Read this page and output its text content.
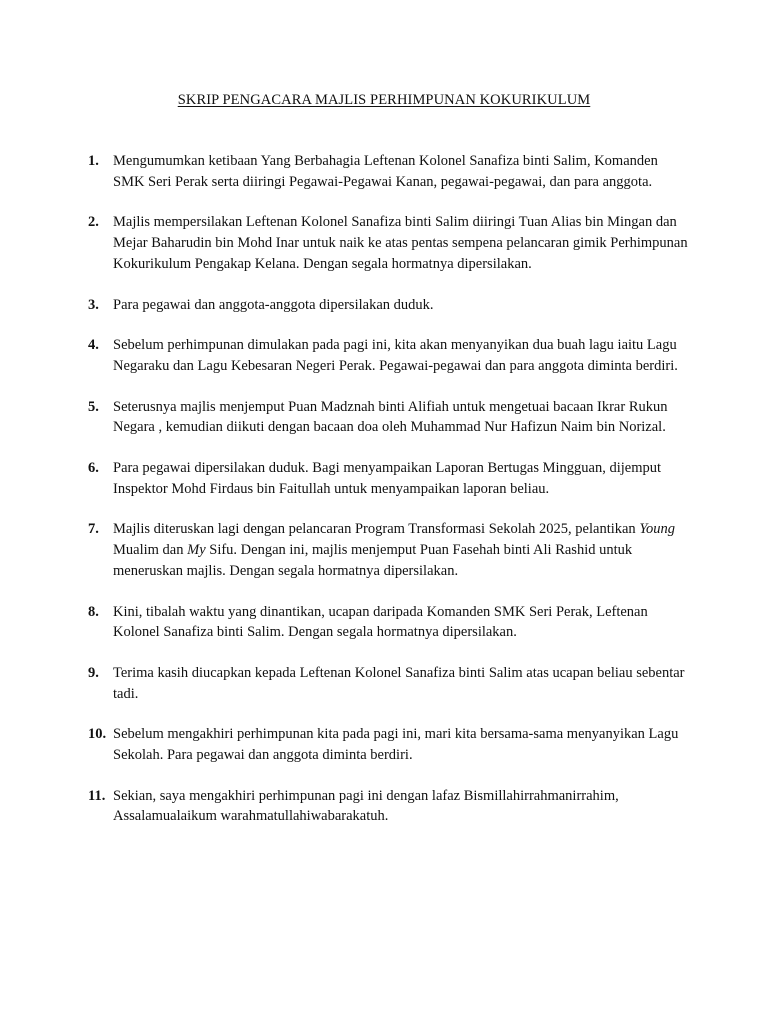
SKRIP PENGACARA MAJLIS PERHIMPUNAN KOKURIKULUM
1. Mengumumkan ketibaan Yang Berbahagia Leftenan Kolonel Sanafiza binti Salim, Komanden SMK Seri Perak serta diiringi Pegawai-Pegawai Kanan, pegawai-pegawai, dan para anggota.
2. Majlis mempersilakan Leftenan Kolonel Sanafiza binti Salim diiringi Tuan Alias bin Mingan dan Mejar Baharudin bin Mohd Inar untuk naik ke atas pentas sempena pelancaran gimik Perhimpunan Kokurikulum Pengakap Kelana. Dengan segala hormatnya dipersilakan.
3. Para pegawai dan anggota-anggota dipersilakan duduk.
4. Sebelum perhimpunan dimulakan pada pagi ini, kita akan menyanyikan dua buah lagu iaitu Lagu Negaraku dan Lagu Kebesaran Negeri Perak. Pegawai-pegawai dan para anggota diminta berdiri.
5. Seterusnya majlis menjemput Puan Madznah binti Alifiah untuk mengetuai bacaan Ikrar Rukun Negara , kemudian diikuti dengan bacaan doa oleh Muhammad Nur Hafizun Naim bin Norizal.
6. Para pegawai dipersilakan duduk. Bagi menyampaikan Laporan Bertugas Mingguan, dijemput Inspektor Mohd Firdaus bin Faitullah untuk menyampaikan laporan beliau.
7. Majlis diteruskan lagi dengan pelancaran Program Transformasi Sekolah 2025, pelantikan Young Mualim dan My Sifu. Dengan ini, majlis menjemput Puan Fasehah binti Ali Rashid untuk meneruskan majlis. Dengan segala hormatnya dipersilakan.
8. Kini, tibalah waktu yang dinantikan, ucapan daripada Komanden SMK Seri Perak, Leftenan Kolonel Sanafiza binti Salim. Dengan segala hormatnya dipersilakan.
9. Terima kasih diucapkan kepada Leftenan Kolonel Sanafiza binti Salim atas ucapan beliau sebentar tadi.
10. Sebelum mengakhiri perhimpunan kita pada pagi ini, mari kita bersama-sama menyanyikan Lagu Sekolah. Para pegawai dan anggota diminta berdiri.
11. Sekian, saya mengakhiri perhimpunan pagi ini dengan lafaz Bismillahirrahmanirrahim, Assalamualaikum warahmatullahiwabarakatuh.
